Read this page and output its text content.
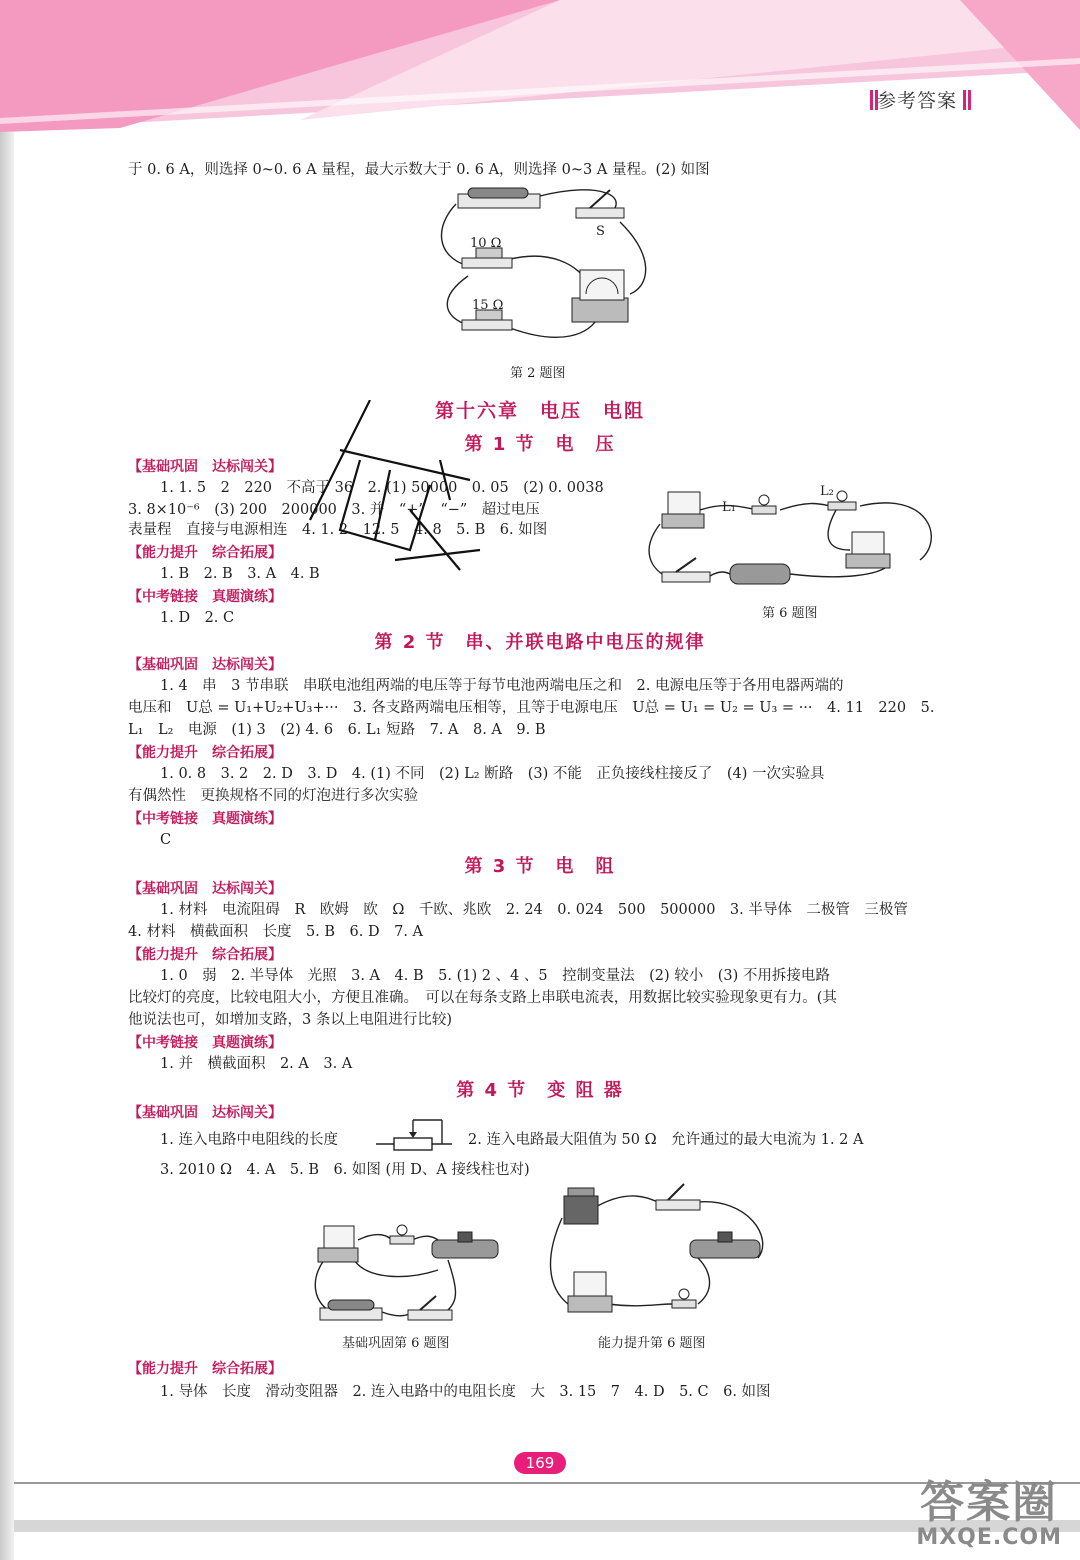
参考答案
于 0. 6 A，则选择 0~0. 6 A 量程，最大示数大于 0. 6 A，则选择 0~3 A 量程。(2) 如图
10 Ω
15 Ω
S
第 2 题图
第十六章　电压　电阻
第 1 节　电　压
【基础巩固　达标闯关】
1. 1. 5　2　220　不高于 36　2. (1) 50000　0. 05　(2) 0. 0038
3. 8×10⁻⁶　(3) 200　200000　3. 并　“+”　“−”　超过电压
表量程　直接与电源相连　4. 1. 2　12. 5　4. 8　5. B　6. 如图
【能力提升　综合拓展】
1. B　2. B　3. A　4. B
【中考链接　真题演练】
1. D　2. C
L₁
L₂
第 6 题图
第 2 节　串、并联电路中电压的规律
【基础巩固　达标闯关】
1. 4　串　3 节串联　串联电池组两端的电压等于每节电池两端电压之和　2. 电源电压等于各用电器两端的
电压和　U总 = U₁+U₂+U₃+···　3. 各支路两端电压相等，且等于电源电压　U总 = U₁ = U₂ = U₃ = ···　4. 11　220　5.
L₁　L₂　电源　(1) 3　(2) 4. 6　6. L₁ 短路　7. A　8. A　9. B
【能力提升　综合拓展】
1. 0. 8　3. 2　2. D　3. D　4. (1) 不同　(2) L₂ 断路　(3) 不能　正负接线柱接反了　(4) 一次实验具
有偶然性　更换规格不同的灯泡进行多次实验
【中考链接　真题演练】
C
第 3 节　电　阻
【基础巩固　达标闯关】
1. 材料　电流阻碍　R　欧姆　欧　Ω　千欧、兆欧　2. 24　0. 024　500　500000　3. 半导体　二极管　三极管
4. 材料　横截面积　长度　5. B　6. D　7. A
【能力提升　综合拓展】
1. 0　弱　2. 半导体　光照　3. A　4. B　5. (1) 2 、4 、5　控制变量法　(2) 较小　(3) 不用拆接电路
比较灯的亮度，比较电阻大小，方便且准确。　可以在每条支路上串联电流表，用数据比较实验现象更有力。(其
他说法也可，如增加支路，3 条以上电阻进行比较)
【中考链接　真题演练】
1. 并　横截面积　2. A　3. A
第 4 节　变 阻 器
【基础巩固　达标闯关】
1. 连入电路中电阻线的长度	2. 连入电路最大阻值为 50 Ω　允许通过的最大电流为 1. 2 A
3. 2010 Ω　4. A　5. B　6. 如图 (用 D、A 接线柱也对)
基础巩固第 6 题图	能力提升第 6 题图
【能力提升　综合拓展】
1. 导体　长度　滑动变阻器　2. 连入电路中的电阻长度　大　3. 15　7　4. D　5. C　6. 如图
169
答案圈
MXQE.COM
